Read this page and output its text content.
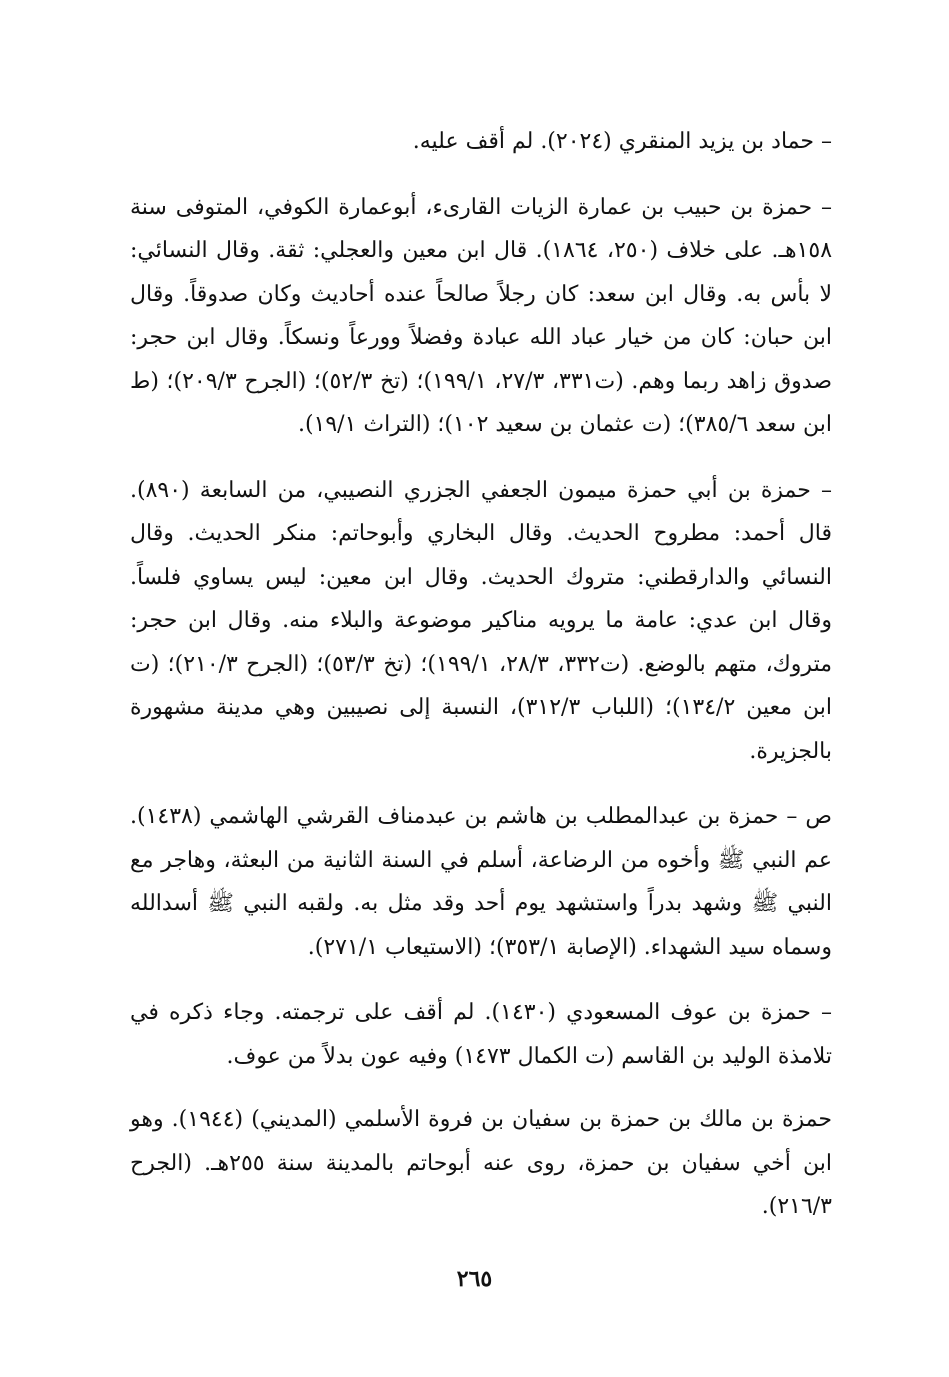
– حماد بن يزيد المنقري (٢٠٢٤). لم أقف عليه.

– حمزة بن حبيب بن عمارة الزيات القارىء، أبوعمارة الكوفي، المتوفى سنة ١٥٨هـ. على خلاف (٢٥٠، ١٨٦٤). قال ابن معين والعجلي: ثقة. وقال النسائي: لا بأس به. وقال ابن سعد: كان رجلاً صالحاً عنده أحاديث وكان صدوقاً. وقال ابن حبان: كان من خيار عباد الله عبادة وفضلاً وورعاً ونسكاً. وقال ابن حجر: صدوق زاهد ربما وهم. (ت٣٣١، ٢٧/٣، ١٩٩/١)؛ (تخ ٥٢/٣)؛ (الجرح ٢٠٩/٣)؛ (ط ابن سعد ٣٨٥/٦)؛ (ت عثمان بن سعيد ١٠٢)؛ (التراث ١٩/١).

– حمزة بن أبي حمزة ميمون الجعفي الجزري النصيبي، من السابعة (٨٩٠). قال أحمد: مطروح الحديث. وقال البخاري وأبوحاتم: منكر الحديث. وقال النسائي والدارقطني: متروك الحديث. وقال ابن معين: ليس يساوي فلساً. وقال ابن عدي: عامة ما يرويه مناكير موضوعة والبلاء منه. وقال ابن حجر: متروك، متهم بالوضع. (ت٣٣٢، ٢٨/٣، ١٩٩/١)؛ (تخ ٥٣/٣)؛ (الجرح ٢١٠/٣)؛ (ت ابن معين ١٣٤/٢)؛ (اللباب ٣١٢/٣)، النسبة إلى نصيبين وهي مدينة مشهورة بالجزيرة.

ص – حمزة بن عبدالمطلب بن هاشم بن عبدمناف القرشي الهاشمي (١٤٣٨). عم النبي ﷺ وأخوه من الرضاعة، أسلم في السنة الثانية من البعثة، وهاجر مع النبي ﷺ وشهد بدراً واستشهد يوم أحد وقد مثل به. ولقبه النبي ﷺ أسدالله وسماه سيد الشهداء. (الإصابة ٣٥٣/١)؛ (الاستيعاب ٢٧١/١).

– حمزة بن عوف المسعودي (١٤٣٠). لم أقف على ترجمته. وجاء ذكره في تلامذة الوليد بن القاسم (ت الكمال ١٤٧٣) وفيه عون بدلاً من عوف.

حمزة بن مالك بن حمزة بن سفيان بن فروة الأسلمي (المديني) (١٩٤٤). وهو ابن أخي سفيان بن حمزة، روى عنه أبوحاتم بالمدينة سنة ٢٥٥هـ. (الجرح ٢١٦/٣).

٢٦٥
